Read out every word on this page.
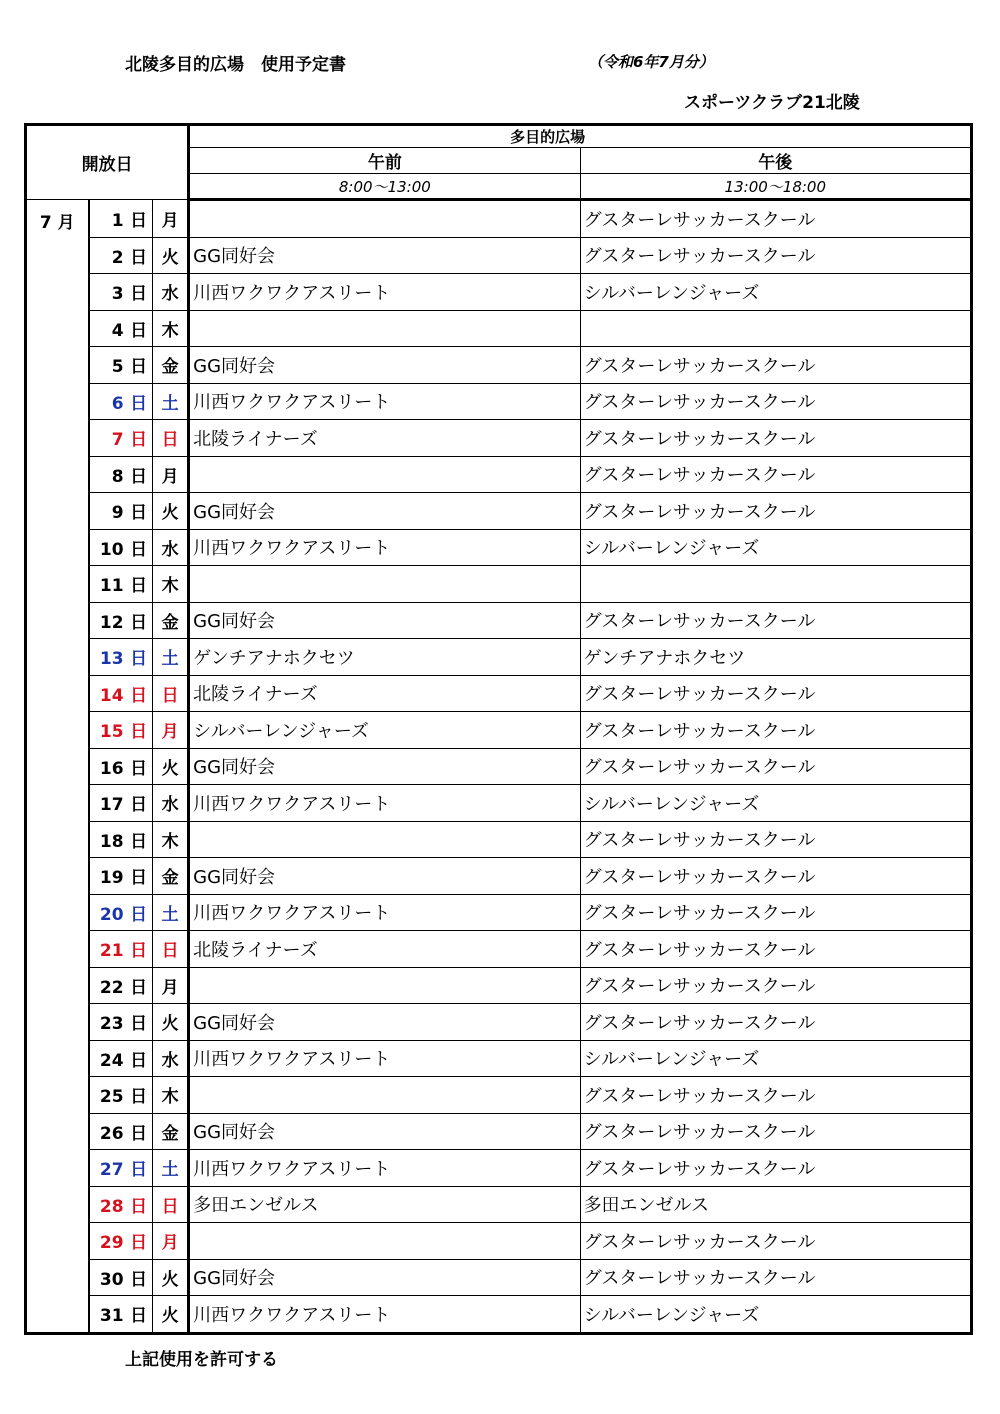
北陵多目的広場　使用予定書	（令和6年7月分）
スポーツクラブ21北陵
開放日			多目的広場	
			午前	午後
			8:00～13:00	13:00～18:00
7 月	1 日	月		グスターレサッカースクール
	2 日	火	GG同好会	グスターレサッカースクール
	3 日	水	川西ワクワクアスリート	シルバーレンジャーズ
	4 日	木		
	5 日	金	GG同好会	グスターレサッカースクール
	6 日	土	川西ワクワクアスリート	グスターレサッカースクール
	7 日	日	北陵ライナーズ	グスターレサッカースクール
	8 日	月		グスターレサッカースクール
	9 日	火	GG同好会	グスターレサッカースクール
	10 日	水	川西ワクワクアスリート	シルバーレンジャーズ
	11 日	木		
	12 日	金	GG同好会	グスターレサッカースクール
	13 日	土	ゲンチアナホクセツ	ゲンチアナホクセツ
	14 日	日	北陵ライナーズ	グスターレサッカースクール
	15 日	月	シルバーレンジャーズ	グスターレサッカースクール
	16 日	火	GG同好会	グスターレサッカースクール
	17 日	水	川西ワクワクアスリート	シルバーレンジャーズ
	18 日	木		グスターレサッカースクール
	19 日	金	GG同好会	グスターレサッカースクール
	20 日	土	川西ワクワクアスリート	グスターレサッカースクール
	21 日	日	北陵ライナーズ	グスターレサッカースクール
	22 日	月		グスターレサッカースクール
	23 日	火	GG同好会	グスターレサッカースクール
	24 日	水	川西ワクワクアスリート	シルバーレンジャーズ
	25 日	木		グスターレサッカースクール
	26 日	金	GG同好会	グスターレサッカースクール
	27 日	土	川西ワクワクアスリート	グスターレサッカースクール
	28 日	日	多田エンゼルス	多田エンゼルス
	29 日	月		グスターレサッカースクール
	30 日	火	GG同好会	グスターレサッカースクール
	31 日	火	川西ワクワクアスリート	シルバーレンジャーズ
上記使用を許可する
